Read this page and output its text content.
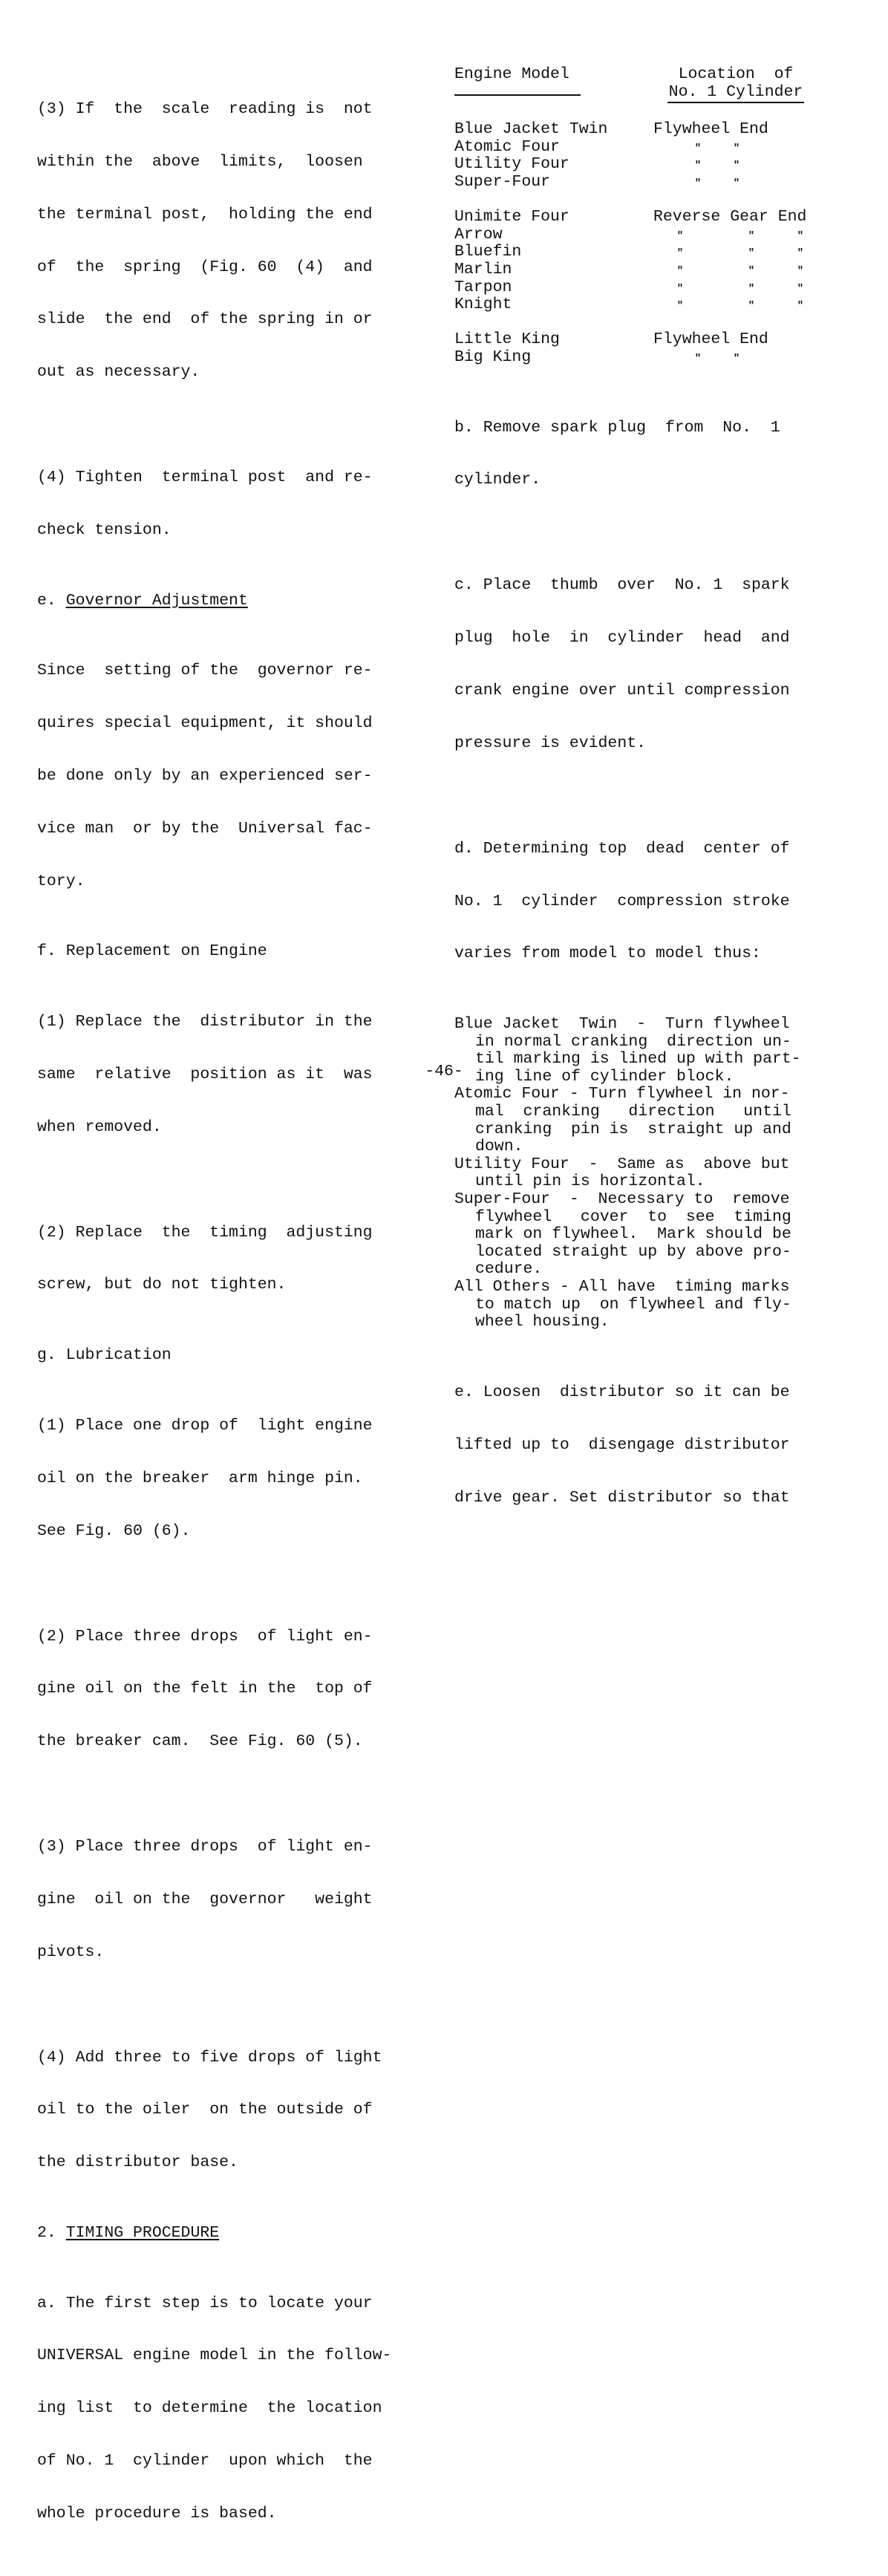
(3) If  the  scale  reading is  not

within the  above  limits,  loosen

the terminal post,  holding the end

of  the  spring  (Fig. 60  (4)  and

slide  the end  of the spring in or

out as necessary.

(4) Tighten  terminal post  and re-

check tension.

e. Governor Adjustment

Since  setting of the  governor re-

quires special equipment, it should

be done only by an experienced ser-

vice man  or by the  Universal fac-

tory.

f. Replacement on Engine

(1) Replace the  distributor in the

same  relative  position as it  was

when removed.

(2) Replace  the  timing  adjusting

screw, but do not tighten.

g. Lubrication

(1) Place one drop of  light engine

oil on the breaker  arm hinge pin.

See Fig. 60 (6).

(2) Place three drops  of light en-

gine oil on the felt in the  top of

the breaker cam.  See Fig. 60 (5).

(3) Place three drops  of light en-

gine  oil on the  governor   weight

pivots.

(4) Add three to five drops of light

oil to the oiler  on the outside of

the distributor base.

2. TIMING PROCEDURE

a. The first step is to locate your

UNIVERSAL engine model in the follow-

ing list  to determine  the location

of No. 1  cylinder  upon which  the

whole procedure is based.

Engine Model	Location  of
No. 1 Cylinder
Blue Jacket Twin	Flywheel End
Atomic Four	"	"
Utility Four	"	"
Super-Four	"	"
Unimite Four	Reverse Gear End
Arrow	"	"	"
Bluefin	"	"	"
Marlin	"	"	"
Tarpon	"	"	"
Knight	"	"	"
Little King	Flywheel End
Big King	"	"

b. Remove spark plug  from  No.  1

cylinder.

c. Place  thumb  over  No. 1  spark

plug  hole  in  cylinder  head  and

crank engine over until compression

pressure is evident.

d. Determining top  dead  center of

No. 1  cylinder  compression stroke

varies from model to model thus:

Blue Jacket  Twin  -  Turn flywheel
in normal cranking  direction un-
til marking is lined up with part-
ing line of cylinder block.
Atomic Four - Turn flywheel in nor-
mal  cranking   direction   until
cranking  pin is  straight up and
down.
Utility Four  -  Same as  above but
until pin is horizontal.
Super-Four  -  Necessary to  remove
flywheel   cover  to  see  timing
mark on flywheel.  Mark should be
located straight up by above pro-
cedure.
All Others - All have  timing marks
to match up  on flywheel and fly-
wheel housing.

e. Loosen  distributor so it can be

lifted up to  disengage distributor

drive gear. Set distributor so that

-46-
